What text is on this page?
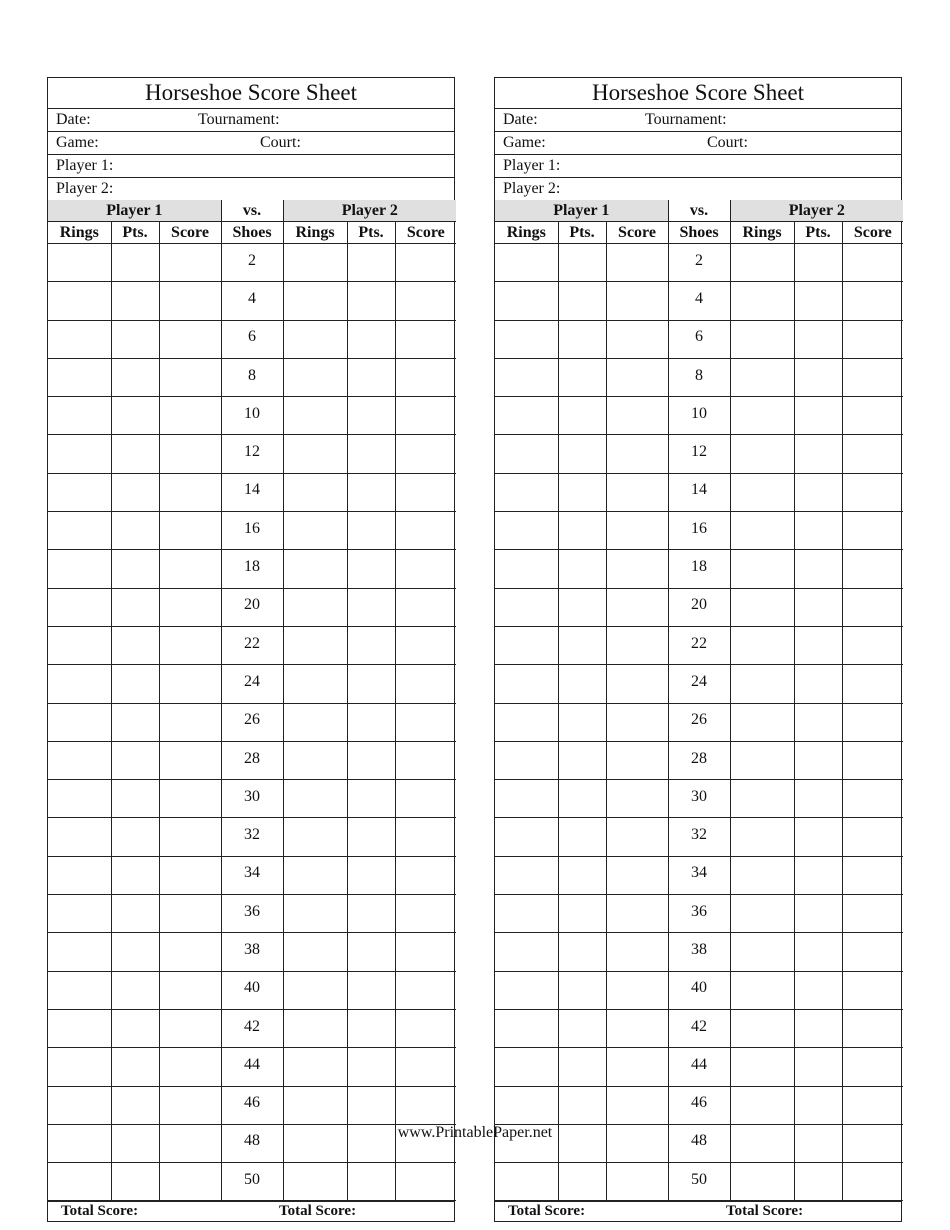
Horseshoe Score Sheet
Date:	Tournament:
Game:	Court:
Player 1:
Player 2:
Player 1			vs.	Player 2		
Rings	Pts.	Score	Shoes	Rings	Pts.	Score
			2			
			4			
			6			
			8			
			10			
			12			
			14			
			16			
			18			
			20			
			22			
			24			
			26			
			28			
			30			
			32			
			34			
			36			
			38			
			40			
			42			
			44			
			46			
			48			
			50			
Total Score:	Total Score:
Horseshoe Score Sheet
Date:	Tournament:
Game:	Court:
Player 1:
Player 2:
Player 1			vs.	Player 2		
Rings	Pts.	Score	Shoes	Rings	Pts.	Score
			2			
			4			
			6			
			8			
			10			
			12			
			14			
			16			
			18			
			20			
			22			
			24			
			26			
			28			
			30			
			32			
			34			
			36			
			38			
			40			
			42			
			44			
			46			
			48			
			50			
Total Score:	Total Score:
www.PrintablePaper.net
